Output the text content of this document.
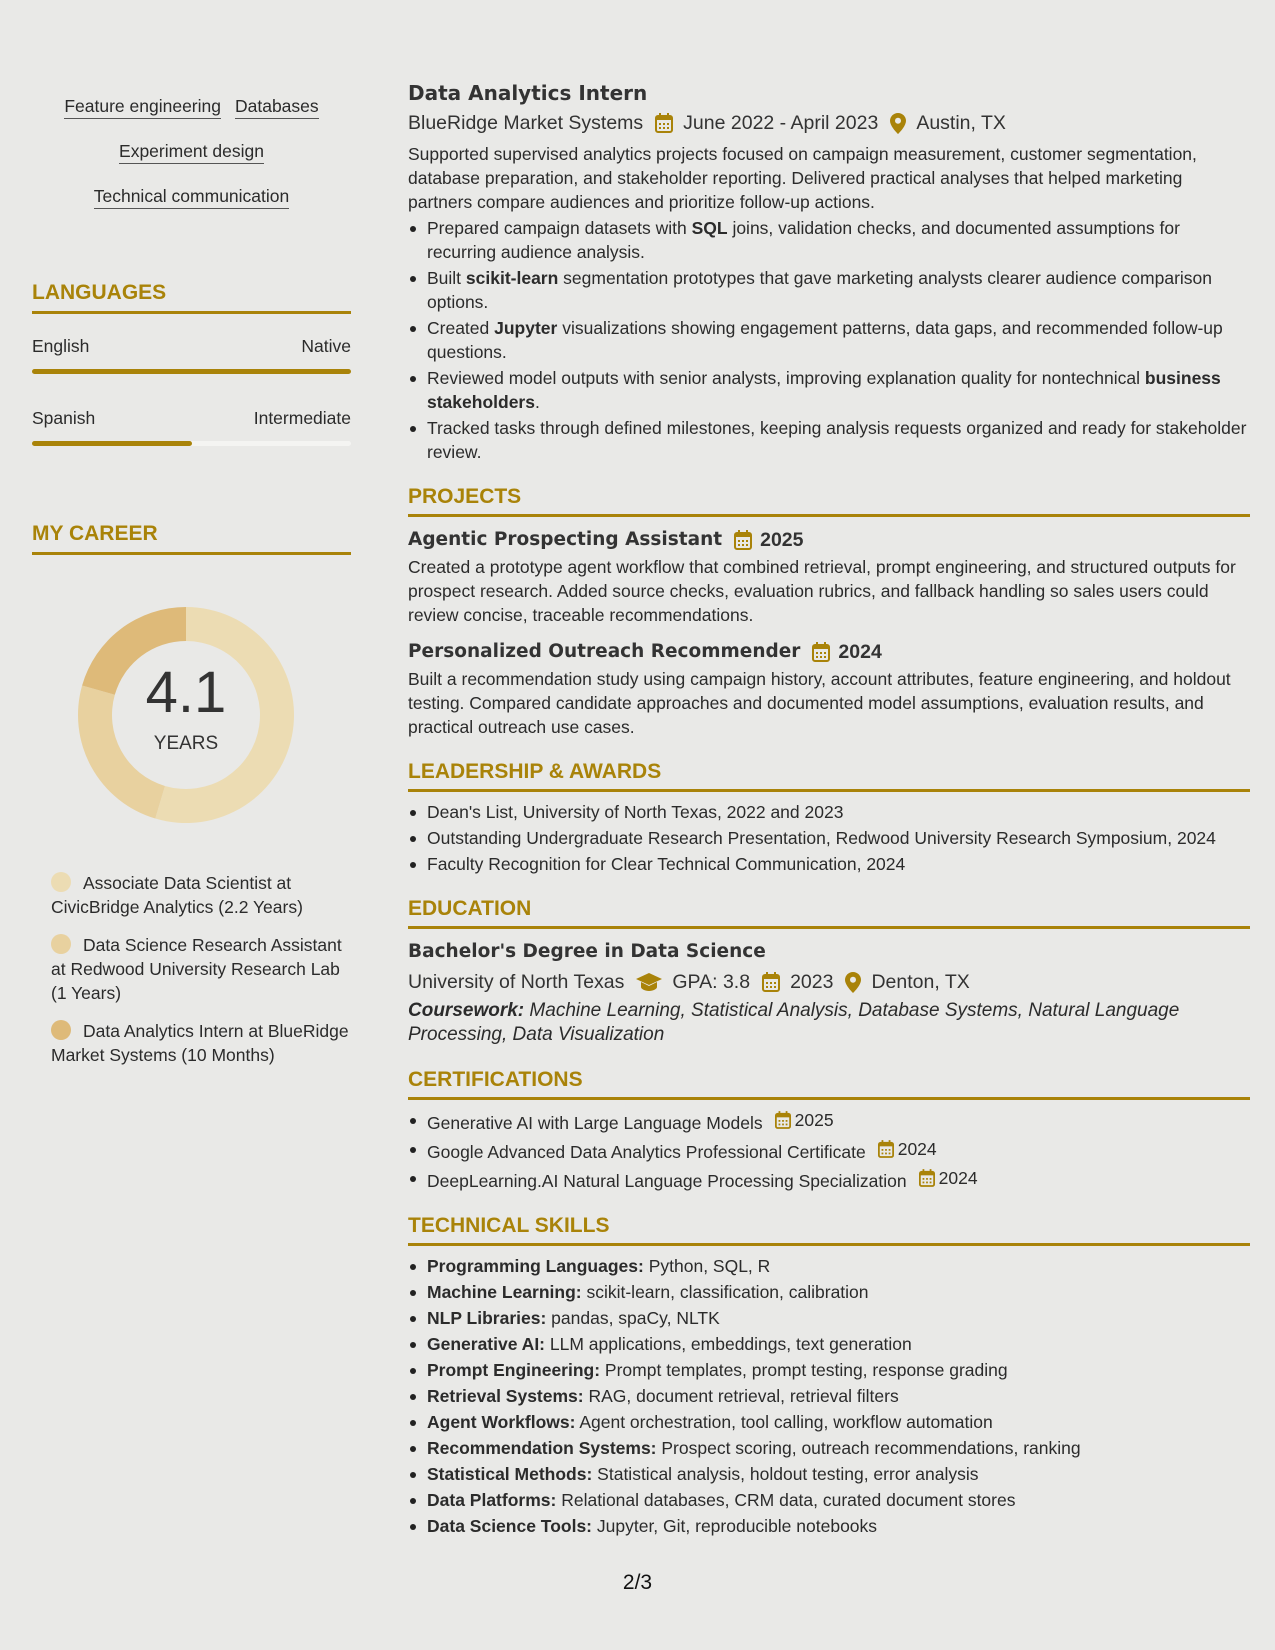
Feature engineering Databases
Experiment design
Technical communication
LANGUAGES
English	Native
Spanish	Intermediate
MY CAREER
4.1
YEARS
Associate Data Scientist at CivicBridge Analytics (2.2 Years)
Data Science Research Assistant at Redwood University Research Lab (1 Years)
Data Analytics Intern at BlueRidge Market Systems (10 Months)
Data Analytics Intern
BlueRidge Market Systems June 2022 - April 2023 Austin, TX
Supported supervised analytics projects focused on campaign measurement, customer segmentation, database preparation, and stakeholder reporting. Delivered practical analyses that helped marketing partners compare audiences and prioritize follow-up actions.
Prepared campaign datasets with SQL joins, validation checks, and documented assumptions for recurring audience analysis.
Built scikit-learn segmentation prototypes that gave marketing analysts clearer audience comparison options.
Created Jupyter visualizations showing engagement patterns, data gaps, and recommended follow-up questions.
Reviewed model outputs with senior analysts, improving explanation quality for nontechnical business stakeholders.
Tracked tasks through defined milestones, keeping analysis requests organized and ready for stakeholder review.
PROJECTS
Agentic Prospecting Assistant 2025
Created a prototype agent workflow that combined retrieval, prompt engineering, and structured outputs for prospect research. Added source checks, evaluation rubrics, and fallback handling so sales users could review concise, traceable recommendations.
Personalized Outreach Recommender 2024
Built a recommendation study using campaign history, account attributes, feature engineering, and holdout testing. Compared candidate approaches and documented model assumptions, evaluation results, and practical outreach use cases.
LEADERSHIP & AWARDS
Dean's List, University of North Texas, 2022 and 2023
Outstanding Undergraduate Research Presentation, Redwood University Research Symposium, 2024
Faculty Recognition for Clear Technical Communication, 2024
EDUCATION
Bachelor's Degree in Data Science
University of North Texas GPA: 3.8 2023 Denton, TX
Coursework: Machine Learning, Statistical Analysis, Database Systems, Natural Language Processing, Data Visualization
CERTIFICATIONS
Generative AI with Large Language Models 2025
Google Advanced Data Analytics Professional Certificate 2024
DeepLearning.AI Natural Language Processing Specialization 2024
TECHNICAL SKILLS
Programming Languages: Python, SQL, R
Machine Learning: scikit-learn, classification, calibration
NLP Libraries: pandas, spaCy, NLTK
Generative AI: LLM applications, embeddings, text generation
Prompt Engineering: Prompt templates, prompt testing, response grading
Retrieval Systems: RAG, document retrieval, retrieval filters
Agent Workflows: Agent orchestration, tool calling, workflow automation
Recommendation Systems: Prospect scoring, outreach recommendations, ranking
Statistical Methods: Statistical analysis, holdout testing, error analysis
Data Platforms: Relational databases, CRM data, curated document stores
Data Science Tools: Jupyter, Git, reproducible notebooks
2/3
